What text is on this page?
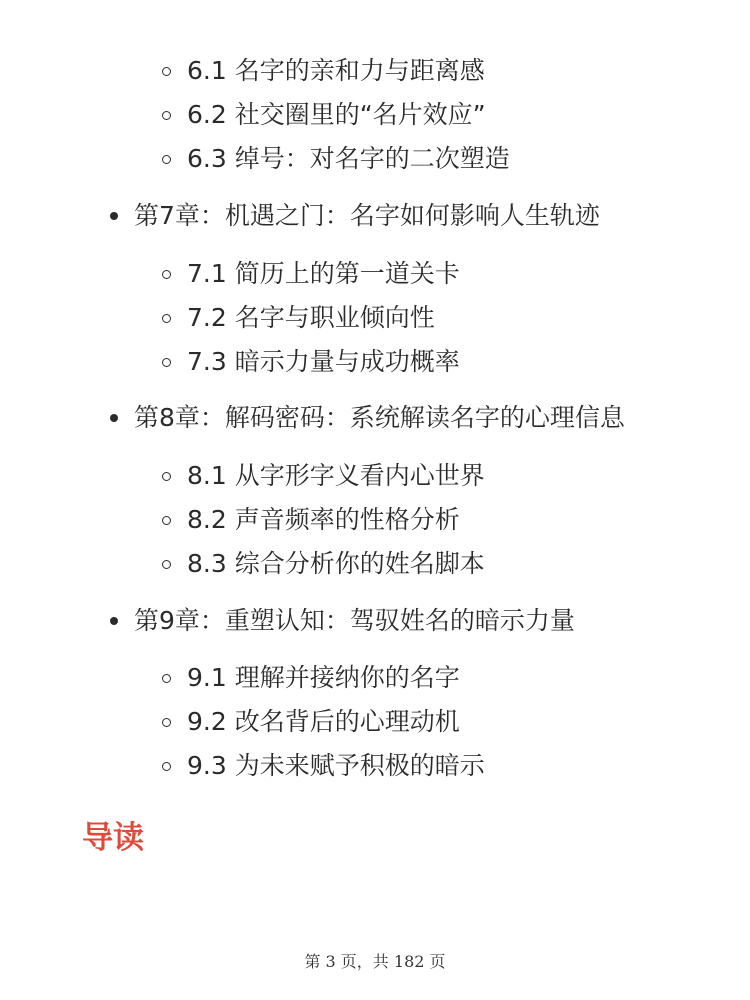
6.1 名字的亲和力与距离感
6.2 社交圈里的“名片效应”
6.3 绰号：对名字的二次塑造
第7章：机遇之门：名字如何影响人生轨迹
7.1 简历上的第一道关卡
7.2 名字与职业倾向性
7.3 暗示力量与成功概率
第8章：解码密码：系统解读名字的心理信息
8.1 从字形字义看内心世界
8.2 声音频率的性格分析
8.3 综合分析你的姓名脚本
第9章：重塑认知：驾驭姓名的暗示力量
9.1 理解并接纳你的名字
9.2 改名背后的心理动机
9.3 为未来赋予积极的暗示
导读
第 3 页，共 182 页
